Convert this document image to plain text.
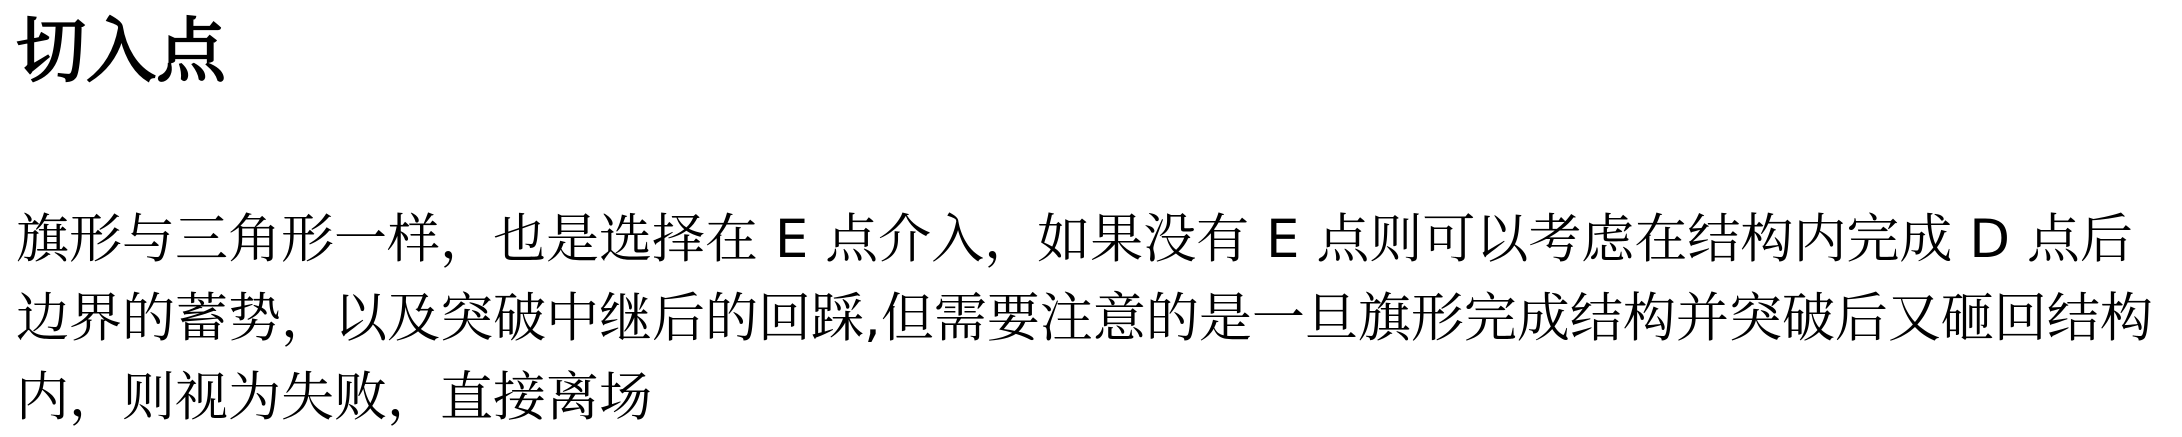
切入点

旗形与三角形一样，也是选择在 E 点介入，如果没有 E 点则可以考虑在结构内完成 D 点后边界的蓄势，以及突破中继后的回踩,但需要注意的是一旦旗形完成结构并突破后又砸回结构内，则视为失败，直接离场
